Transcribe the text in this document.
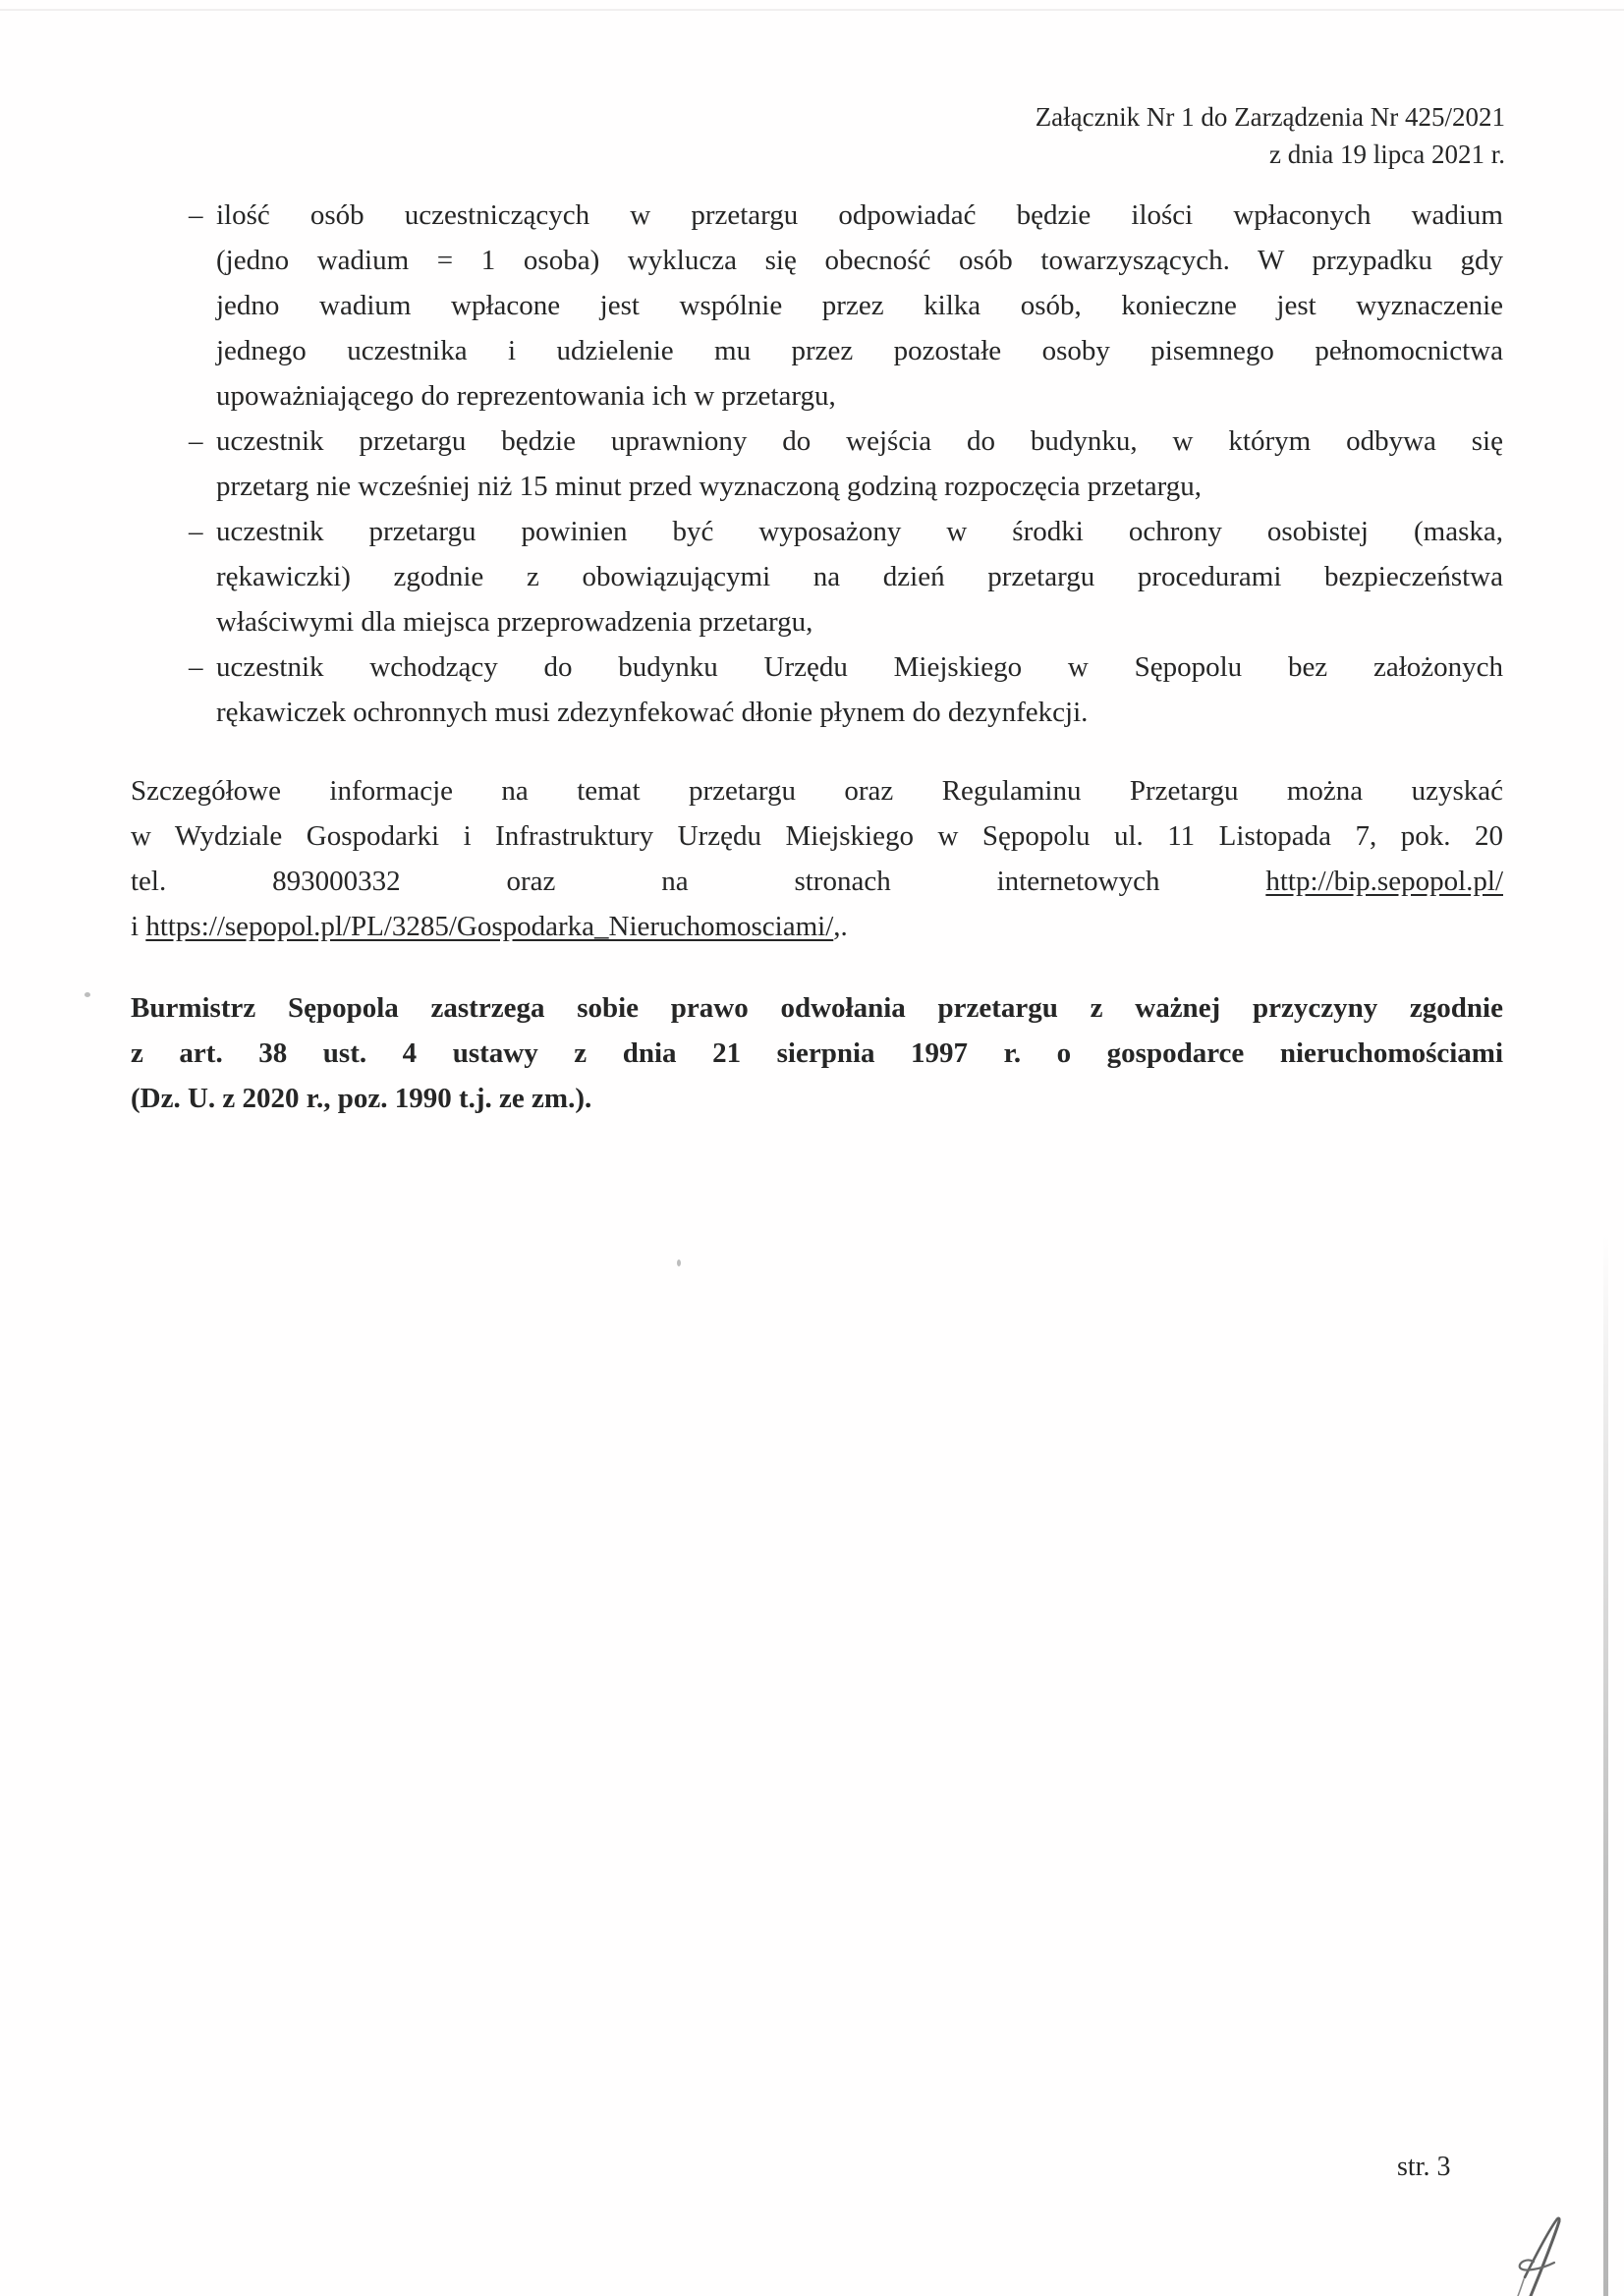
Załącznik Nr 1 do Zarządzenia Nr 425/2021
z dnia 19 lipca 2021 r.
– ilość osób uczestniczących w przetargu odpowiadać będzie ilości wpłaconych wadium
(jedno wadium = 1 osoba) wyklucza się obecność osób towarzyszących. W przypadku gdy
jedno wadium wpłacone jest wspólnie przez kilka osób, konieczne jest wyznaczenie
jednego uczestnika i udzielenie mu przez pozostałe osoby pisemnego pełnomocnictwa
upoważniającego do reprezentowania ich w przetargu,
– uczestnik przetargu będzie uprawniony do wejścia do budynku, w którym odbywa się
przetarg nie wcześniej niż 15 minut przed wyznaczoną godziną rozpoczęcia przetargu,
– uczestnik przetargu powinien być wyposażony w środki ochrony osobistej (maska,
rękawiczki) zgodnie z obowiązującymi na dzień przetargu procedurami bezpieczeństwa
właściwymi dla miejsca przeprowadzenia przetargu,
– uczestnik wchodzący do budynku Urzędu Miejskiego w Sępopolu bez założonych
rękawiczek ochronnych musi zdezynfekować dłonie płynem do dezynfekcji.
Szczegółowe informacje na temat przetargu oraz Regulaminu Przetargu można uzyskać
w Wydziale Gospodarki i Infrastruktury Urzędu Miejskiego w Sępopolu ul. 11 Listopada 7, pok. 20
tel.	893000332	oraz	na	stronach	internetowych	http://bip.sepopol.pl/
i https://sepopol.pl/PL/3285/Gospodarka_Nieruchomosciami/,.
Burmistrz Sępopola zastrzega sobie prawo odwołania przetargu z ważnej przyczyny zgodnie
z art. 38 ust. 4 ustawy z dnia 21 sierpnia 1997 r. o gospodarce nieruchomościami
(Dz. U. z 2020 r., poz. 1990 t.j. ze zm.).
str. 3
